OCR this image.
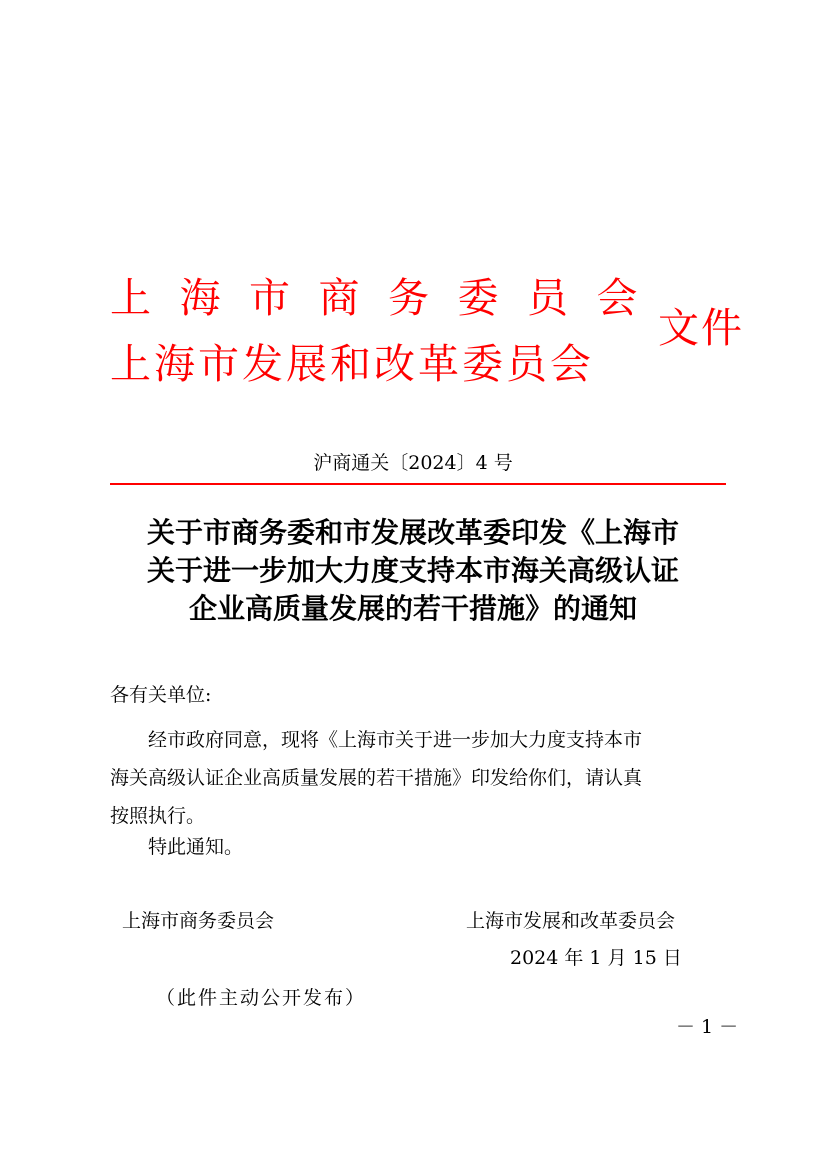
上海市商务委员会
上海市发展和改革委员会
文件
沪商通关〔2024〕4 号
关于市商务委和市发展改革委印发《上海市
关于进一步加大力度支持本市海关高级认证
企业高质量发展的若干措施》的通知
各有关单位:
　　经市政府同意，现将《上海市关于进一步加大力度支持本市
海关高级认证企业高质量发展的若干措施》印发给你们，请认真
按照执行。
　　特此通知。
上海市商务委员会	上海市发展和改革委员会
2024 年 1 月 15 日
（此件主动公开发布）
－ 1 －
